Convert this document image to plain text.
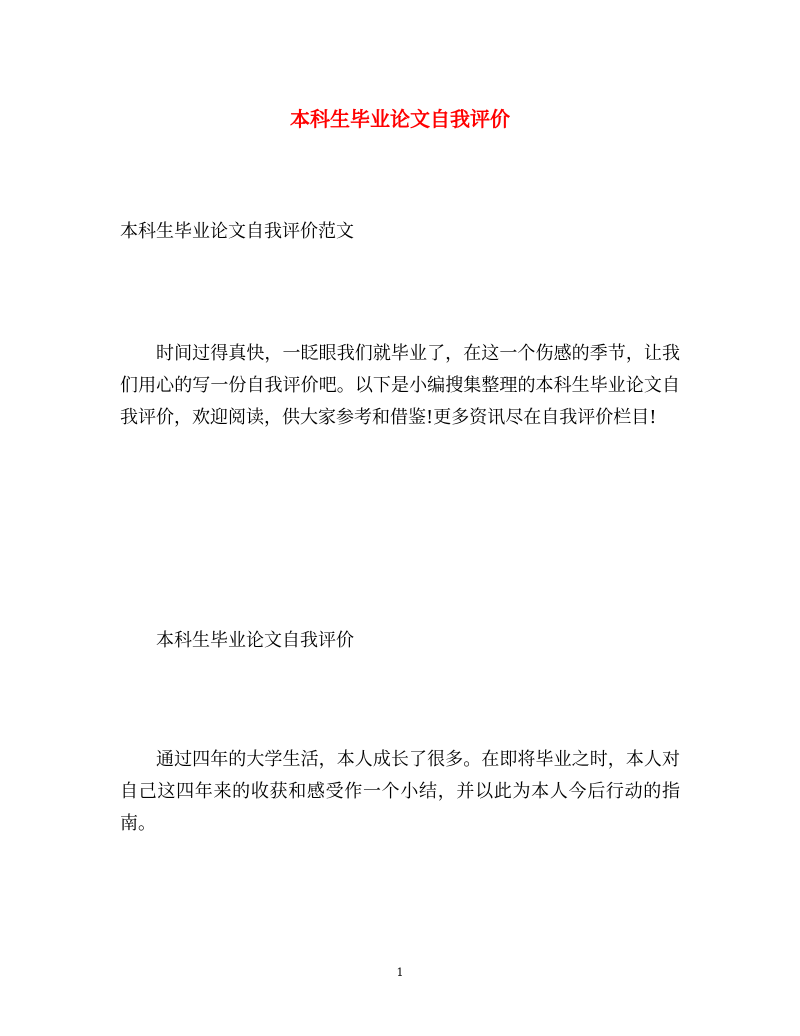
本科生毕业论文自我评价

本科生毕业论文自我评价范文

时间过得真快，一眨眼我们就毕业了，在这一个伤感的季节，让我们用心的写一份自我评价吧。以下是小编搜集整理的本科生毕业论文自我评价，欢迎阅读，供大家参考和借鉴!更多资讯尽在自我评价栏目!

本科生毕业论文自我评价

通过四年的大学生活，本人成长了很多。在即将毕业之时，本人对自己这四年来的收获和感受作一个小结，并以此为本人今后行动的指南。

1
